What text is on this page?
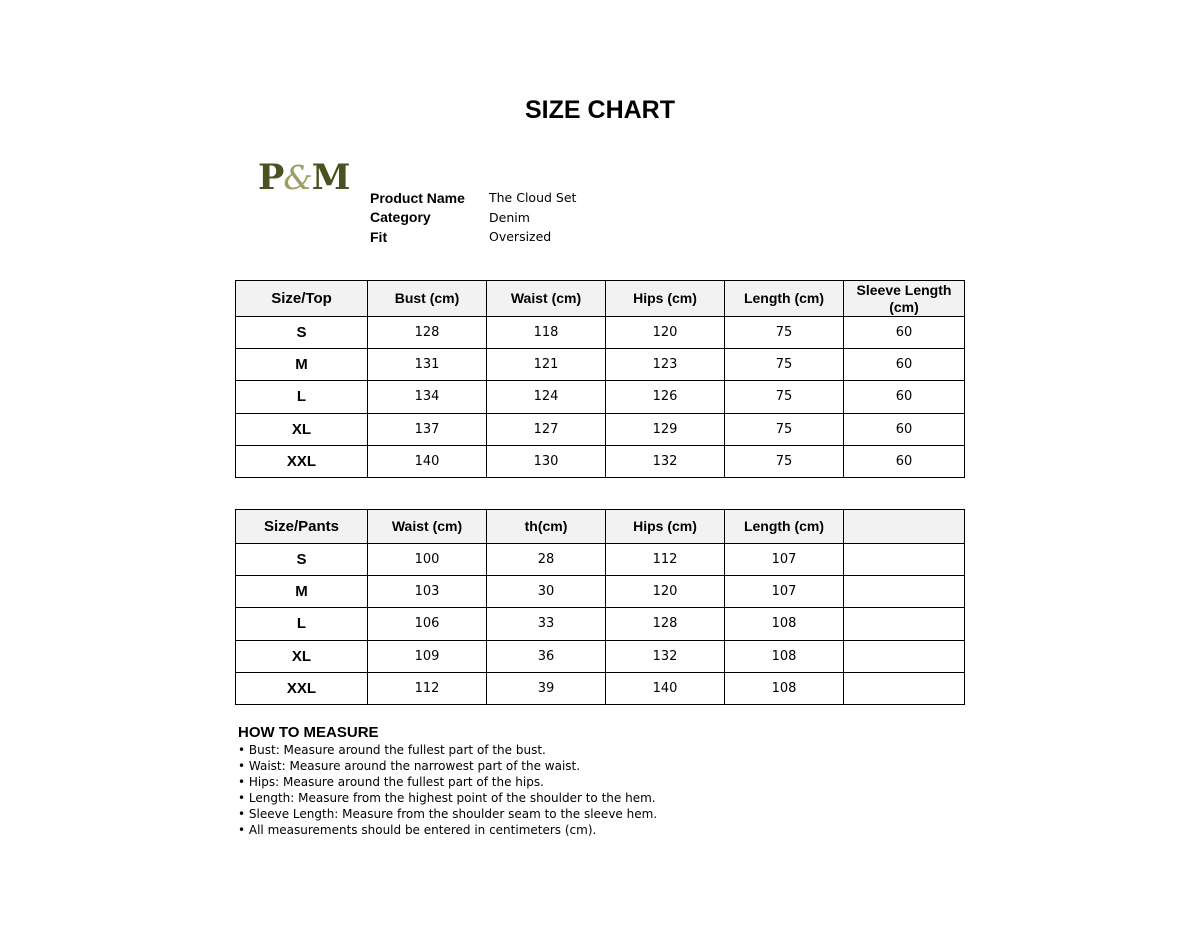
SIZE CHART
P&M Product Name	The Cloud Set
Category	Denim
Fit	Oversized
Size/Top	Bust (cm)	Waist (cm)	Hips (cm)	Length (cm)	Sleeve Length (cm)
S	128	118	120	75	60
M	131	121	123	75	60
L	134	124	126	75	60
XL	137	127	129	75	60
XXL	140	130	132	75	60
Size/Pants	Waist (cm)	th(cm)	Hips (cm)	Length (cm)	
S	100	28	112	107	
M	103	30	120	107	
L	106	33	128	108	
XL	109	36	132	108	
XXL	112	39	140	108	
HOW TO MEASURE
• Bust: Measure around the fullest part of the bust.
• Waist: Measure around the narrowest part of the waist.
• Hips: Measure around the fullest part of the hips.
• Length: Measure from the highest point of the shoulder to the hem.
• Sleeve Length: Measure from the shoulder seam to the sleeve hem.
• All measurements should be entered in centimeters (cm).
